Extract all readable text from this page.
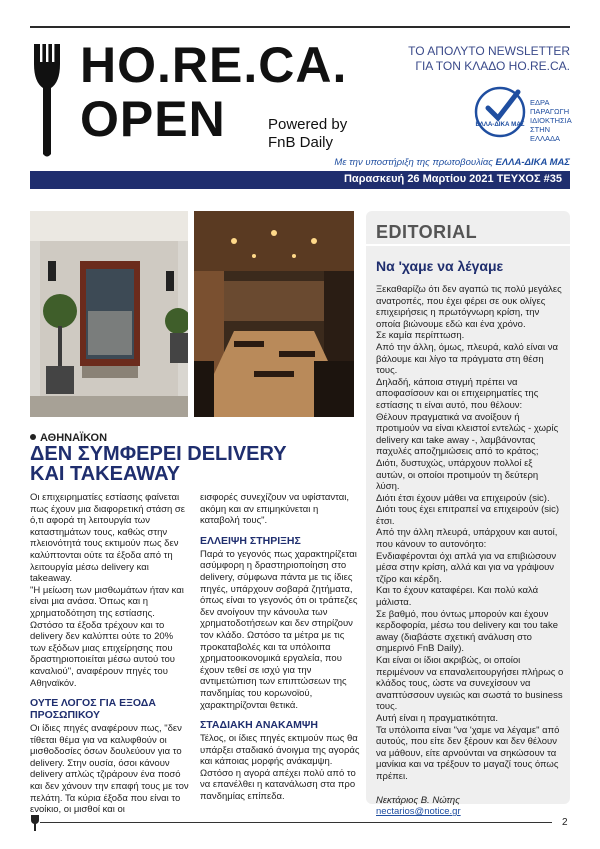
HO.RE.CA.
OPEN	Powered by
FnB Daily
ΤΟ ΑΠΟΛΥΤΟ NEWSLETTER
ΓΙΑ ΤΟΝ ΚΛΑΔΟ HO.RE.CA.
ΕΛΛΑ-ΔΙΚΑ ΜΑΣ
ΕΔΡΑ
ΠΑΡΑΓΩΓΗ
ΙΔΙΟΚΤΗΣΙΑ
ΣΤΗΝ ΕΛΛΑΔΑ
Με την υποστήριξη της πρωτοβουλίας ΕΛΛΑ-ΔΙΚΑ ΜΑΣ
Παρασκευή 26 Μαρτίου 2021 ΤΕΥΧΟΣ #35
ΑΘΗΝΑΪΚΟΝ
ΔΕΝ ΣΥΜΦΕΡΕΙ DELIVERY
ΚΑΙ TAKEAWAY

Οι επιχειρηματίες εστίασης φαίνεται πως έχουν μια διαφορετική στάση σε ό,τι αφορά τη λειτουργία των καταστημάτων τους, καθώς στην πλειονότητά τους εκτιμούν πως δεν καλύπτονται ούτε τα έξοδα από τη λειτουργία μέσω delivery και takeaway.

"Η μείωση των μισθωμάτων ήταν και είναι μια ανάσα. Όπως και η χρηματοδότηση της εστίασης. Ωστόσο τα έξοδα τρέχουν και το delivery δεν καλύπτει ούτε το 20% των εξόδων μιας επιχείρησης που δραστηριοποιείται μέσω αυτού του καναλιού", αναφέρουν πηγές του Αθηναϊκόν.

ΟΥΤΕ ΛΟΓΟΣ ΓΙΑ ΕΞΟΔΑ
ΠΡΟΣΩΠΙΚΟΥ

Οι ίδιες πηγές αναφέρουν πως, "δεν τίθεται θέμα για να καλυφθούν οι μισθοδοσίες όσων δουλεύουν για το delivery. Στην ουσία, όσοι κάνουν delivery απλώς τζιράρουν ένα ποσό και δεν χάνουν την επαφή τους με τον πελάτη. Τα κύρια έξοδα που είναι το ενοίκιο, οι μισθοί και οι

εισφορές συνεχίζουν να υφίστανται, ακόμη και αν επιμηκύνεται η καταβολή τους".

ΕΛΛΕΙΨΗ ΣΤΗΡΙΞΗΣ

Παρά το γεγονός πως χαρακτηρίζεται ασύμφορη η δραστηριοποίηση στο delivery, σύμφωνα πάντα με τις ίδιες πηγές, υπάρχουν σοβαρά ζητήματα, όπως είναι το γεγονός ότι οι τράπεζες δεν ανοίγουν την κάνουλα των χρηματοδοτήσεων και δεν στηρίζουν τον κλάδο. Ωστόσο τα μέτρα με τις προκαταβολές και τα υπόλοιπα χρηματοοικονομικά εργαλεία, που έχουν τεθεί σε ισχύ για την αντιμετώπιση των επιπτώσεων της πανδημίας του κορωνοϊού, χαρακτηρίζονται θετικά.

ΣΤΑΔΙΑΚΗ ΑΝΑΚΑΜΨΗ

Τέλος, οι ίδιες πηγές εκτιμούν πως θα υπάρξει σταδιακό άνοιγμα της αγοράς και κάποιας μορφής ανάκαμψη. Ωστόσο η αγορά απέχει πολύ από το να επανέλθει η κατανάλωση στα προ πανδημίας επίπεδα.

EDITORIAL
Να 'χαμε να λέγαμε

Ξεκαθαρίζω ότι δεν αγαπώ τις πολύ μεγάλες ανατροπές, που έχει φέρει σε ουκ ολίγες επιχειρήσεις η πρωτόγνωρη κρίση, την οποία βιώνουμε εδώ και ένα χρόνο.

Σε καμία περίπτωση.

Από την άλλη, όμως, πλευρά, καλό είναι να βάλουμε και λίγο τα πράγματα στη θέση τους.

Δηλαδή, κάποια στιγμή πρέπει να αποφασίσουν και οι επιχειρηματίες της εστίασης τι είναι αυτό, που θέλουν:

Θέλουν πραγματικά να ανοίξουν ή προτιμούν να είναι κλειστοί εντελώς - χωρίς delivery και take away -, λαμβάνοντας παχυλές αποζημιώσεις από το κράτος;

Διότι, δυστυχώς, υπάρχουν πολλοί εξ αυτών, οι οποίοι προτιμούν τη δεύτερη λύση.

Διότι έτσι έχουν μάθει να επιχειρούν (sic).

Διότι τους έχει επιτραπεί να επιχειρούν (sic) έτσι.

Από την άλλη πλευρά, υπάρχουν και αυτοί, που κάνουν το αυτονόητο:

Ενδιαφέρονται όχι απλά για να επιβιώσουν μέσα στην κρίση, αλλά και για να γράψουν τζίρο και κέρδη.

Και το έχουν καταφέρει. Και πολύ καλά μάλιστα.

Σε βαθμό, που όντως μπορούν και έχουν κερδοφορία, μέσω του delivery και του take away (διαβάστε σχετική ανάλυση στο σημερινό FnB Daily).

Και είναι οι ίδιοι ακριβώς, οι οποίοι περιμένουν να επαναλειτουργήσει πλήρως ο κλάδος τους, ώστε να συνεχίσουν να αναπτύσσουν υγειώς και σωστά το business τους.

Αυτή είναι η πραγματικότητα.

Τα υπόλοιπα είναι "να 'χαμε να λέγαμε" από αυτούς, που είτε δεν ξέρουν και δεν θέλουν να μάθουν, είτε αρνούνται να σηκώσουν τα μανίκια και να τρέξουν το μαγαζί τους όπως πρέπει.

Νεκτάριος Β. Νώτης

nectarios@notice.gr
2
